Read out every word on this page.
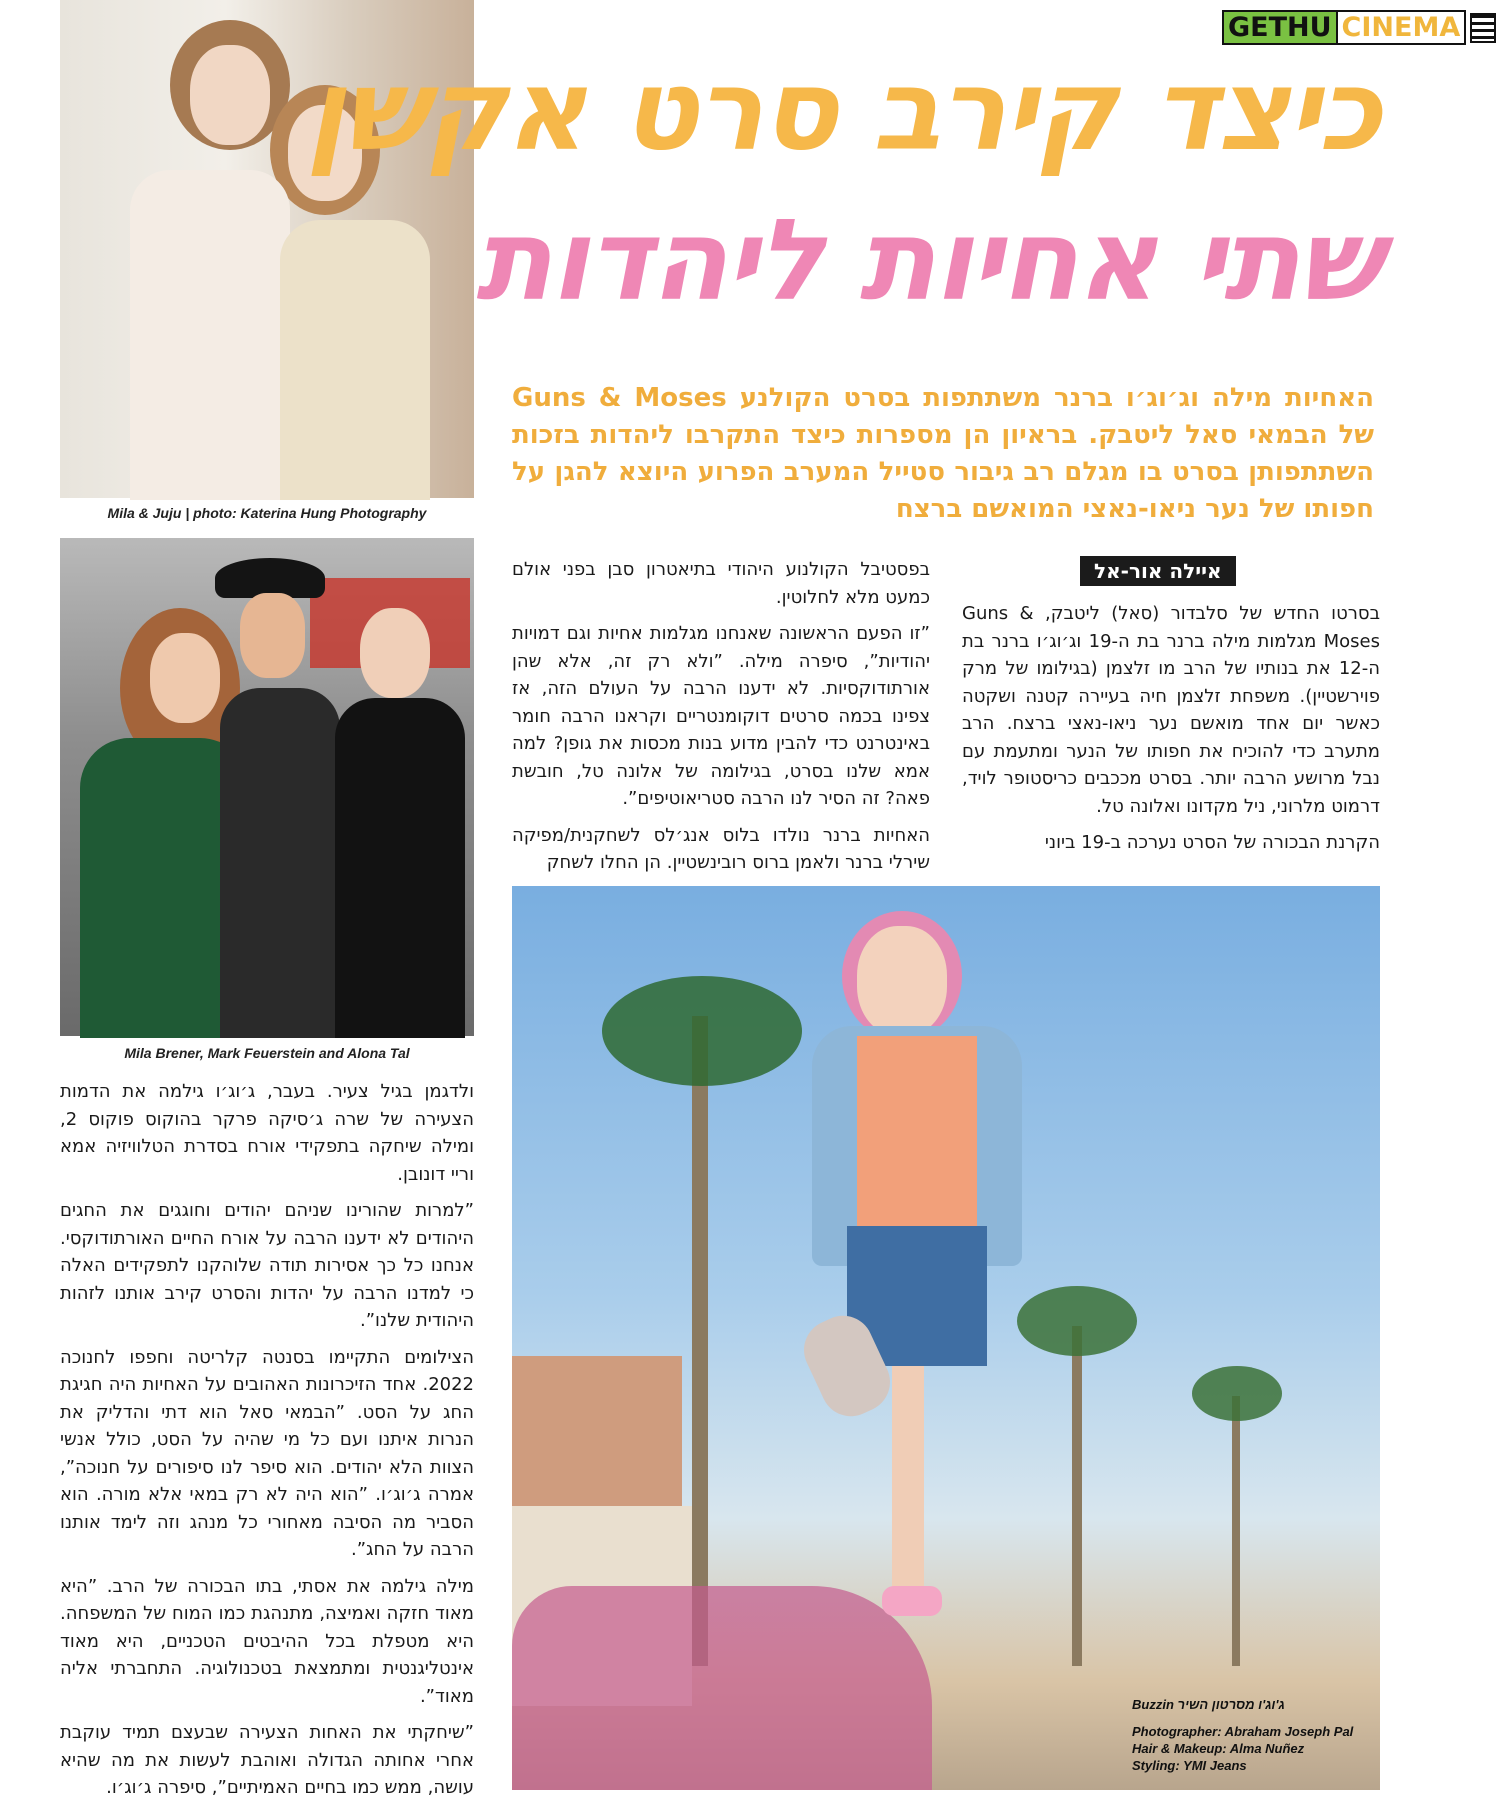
GETHU CINEMA
Mila & Juju | photo: Katerina Hung Photography
Mila Brener, Mark Feuerstein and Alona Tal
כיצד קירב סרט אקשן
שתי אחיות ליהדות
האחיות מילה וג׳וג׳ו ברנר משתתפות בסרט הקולנע Guns & Moses של הבמאי סאל ליטבק. בראיון הן מספרות כיצד התקרבו ליהדות בזכות השתתפותן בסרט בו מגלם רב גיבור סטייל המערב הפרוע היוצא להגן על חפותו של נער ניאו-נאצי המואשם ברצח
איילה אור-אל

בסרטו החדש של סלבדור (סאל) ליטבק, Guns & Moses מגלמות מילה ברנר בת ה-19 וג׳וג׳ו ברנר בת ה-12 את בנותיו של הרב מו זלצמן (בגילומו של מרק פוירשטיין). משפחת זלצמן חיה בעיירה קטנה ושקטה כאשר יום אחד מואשם נער ניאו-נאצי ברצח. הרב מתערב כדי להוכיח את חפותו של הנער ומתעמת עם נבל מרושע הרבה יותר. בסרט מככבים כריסטופר לויד, דרמוט מלרוני, ניל מקדונו ואלונה טל.

הקרנת הבכורה של הסרט נערכה ב-19 ביוני

בפסטיבל הקולנוע היהודי בתיאטרון סבן בפני אולם כמעט מלא לחלוטין.

”זו הפעם הראשונה שאנחנו מגלמות אחיות וגם דמויות יהודיות”, סיפרה מילה. ”ולא רק זה, אלא שהן אורתודוקסיות. לא ידענו הרבה על העולם הזה, אז צפינו בכמה סרטים דוקומנטריים וקראנו הרבה חומר באינטרנט כדי להבין מדוע בנות מכסות את גופן? למה אמא שלנו בסרט, בגילומה של אלונה טל, חובשת פאה? זה הסיר לנו הרבה סטריאוטיפים”.

האחיות ברנר נולדו בלוס אנג׳לס לשחקנית/מפיקה שירלי ברנר ולאמן ברוס רובינשטיין. הן החלו לשחק

Buzzin ג'וג'ו מסרטון השיר
Photographer: Abraham Joseph Pal
Hair & Makeup: Alma Nuñez
Styling: YMI Jeans

ולדגמן בגיל צעיר. בעבר, ג׳וג׳ו גילמה את הדמות הצעירה של שרה ג׳סיקה פרקר בהוקוס פוקוס 2, ומילה שיחקה בתפקידי אורח בסדרת הטלוויזיה אמא וריי דונובן.

”למרות שהורינו שניהם יהודים וחוגגים את החגים היהודים לא ידענו הרבה על אורח החיים האורתודוקסי. אנחנו כל כך אסירות תודה שלוהקנו לתפקידים האלה כי למדנו הרבה על יהדות והסרט קירב אותנו לזהות היהודית שלנו”.

הצילומים התקיימו בסנטה קלריטה וחפפו לחנוכה 2022. אחד הזיכרונות האהובים על האחיות היה חגיגת החג על הסט. ”הבמאי סאל הוא דתי והדליק את הנרות איתנו ועם כל מי שהיה על הסט, כולל אנשי הצוות הלא יהודים. הוא סיפר לנו סיפורים על חנוכה”, אמרה ג׳וג׳ו. ”הוא היה לא רק במאי אלא מורה. הוא הסביר מה הסיבה מאחורי כל מנהג וזה לימד אותנו הרבה על החג”.

מילה גילמה את אסתי, בתו הבכורה של הרב. ”היא מאוד חזקה ואמיצה, מתנהגת כמו המוח של המשפחה. היא מטפלת בכל ההיבטים הטכניים, היא מאוד אינטליגנטית ומתמצאת בטכנולוגיה. התחברתי אליה מאוד”.

”שיחקתי את האחות הצעירה שבעצם תמיד עוקבת אחרי אחותה הגדולה ואוהבת לעשות את מה שהיא עושה, ממש כמו בחיים האמיתיים”, סיפרה ג׳וג׳ו.
